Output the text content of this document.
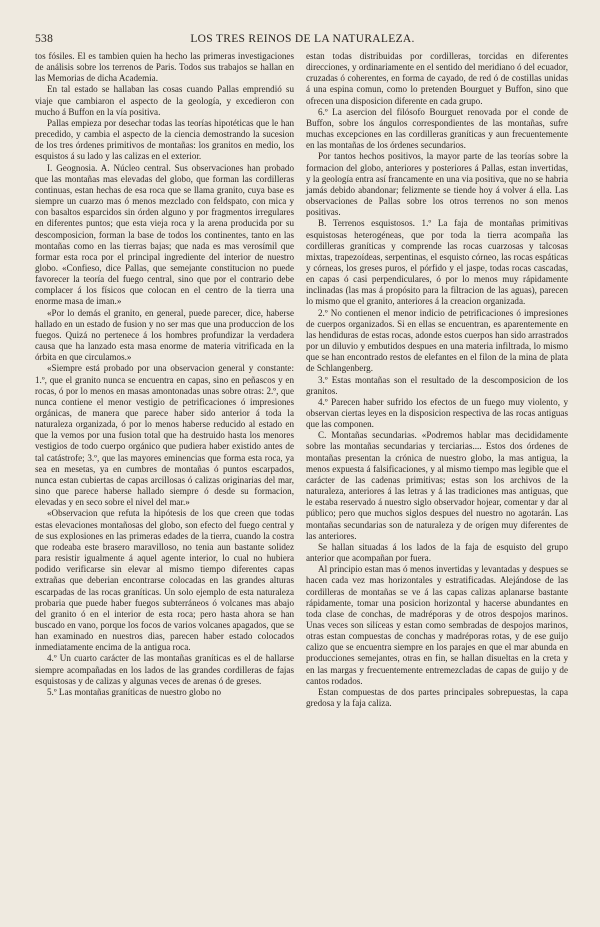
538	LOS TRES REINOS DE LA NATURALEZA.

tos fósiles. El es tambien quien ha hecho las primeras investigaciones de análisis sobre los terrenos de Paris. Todos sus trabajos se hallan en las Memorias de dicha Academia.

En tal estado se hallaban las cosas cuando Pallas emprendió su viaje que cambiaron el aspecto de la geología, y excedieron con mucho á Buffon en la vía positiva.

Pallas empieza por desechar todas las teorías hipotéticas que le han precedido, y cambia el aspecto de la ciencia demostrando la sucesion de los tres órdenes primitivos de montañas: los granitos en medio, los esquistos á su lado y las calizas en el exterior.

I. Geognosia. A. Núcleo central. Sus observaciones han probado que las montañas mas elevadas del globo, que forman las cordilleras continuas, estan hechas de esa roca que se llama granito, cuya base es siempre un cuarzo mas ó menos mezclado con feldspato, con mica y con basaltos esparcidos sin órden alguno y por fragmentos irregulares en diferentes puntos; que esta vieja roca y la arena producida por su descomposicion, forman la base de todos los continentes, tanto en las montañas como en las tierras bajas; que nada es mas verosímil que formar esta roca por el principal ingrediente del interior de nuestro globo. «Confieso, dice Pallas, que semejante constitucion no puede favorecer la teoría del fuego central, sino que por el contrario debe complacer á los físicos que colocan en el centro de la tierra una enorme masa de iman.»

«Por lo demás el granito, en general, puede parecer, dice, haberse hallado en un estado de fusion y no ser mas que una produccion de los fuegos. Quizá no pertenece á los hombres profundizar la verdadera causa que ha lanzado esta masa enorme de materia vitrificada en la órbita en que circulamos.»

«Siempre está probado por una observacion general y constante: 1.º, que el granito nunca se encuentra en capas, sino en peñascos y en rocas, ó por lo menos en masas amontonadas unas sobre otras: 2.º, que nunca contiene el menor vestigio de petrificaciones ó impresiones orgánicas, de manera que parece haber sido anterior á toda la naturaleza organizada, ó por lo menos haberse reducido al estado en que la vemos por una fusion total que ha destruido hasta los menores vestigios de todo cuerpo orgánico que pudiera haber existido antes de tal catástrofe; 3.º, que las mayores eminencias que forma esta roca, ya sea en mesetas, ya en cumbres de montañas ó puntos escarpados, nunca estan cubiertas de capas arcillosas ó calizas originarias del mar, sino que parece haberse hallado siempre ó desde su formacion, elevadas y en seco sobre el nivel del mar.»

«Observacion que refuta la hipótesis de los que creen que todas estas elevaciones montañosas del globo, son efecto del fuego central y de sus explosiones en las primeras edades de la tierra, cuando la costra que rodeaba este brasero maravilloso, no tenia aun bastante solidez para resistir igualmente á aquel agente interior, lo cual no hubiera podido verificarse sin elevar al mismo tiempo diferentes capas extrañas que deberian encontrarse colocadas en las grandes alturas escarpadas de las rocas graníticas. Un solo ejemplo de esta naturaleza probaria que puede haber fuegos subterráneos ó volcanes mas abajo del granito ó en el interior de esta roca; pero hasta ahora se han buscado en vano, porque los focos de varios volcanes apagados, que se han examinado en nuestros dias, parecen haber estado colocados inmediatamente encima de la antigua roca.

4.º Un cuarto carácter de las montañas graníticas es el de hallarse siempre acompañadas en los lados de las grandes cordilleras de fajas esquistosas y de calizas y algunas veces de arenas ó de greses.

5.º Las montañas graníticas de nuestro globo no

estan todas distribuidas por cordilleras, torcidas en diferentes direcciones, y ordinariamente en el sentido del meridiano ó del ecuador, cruzadas ó coherentes, en forma de cayado, de red ó de costillas unidas á una espina comun, como lo pretenden Bourguet y Buffon, sino que ofrecen una disposicion diferente en cada grupo.

6.º La asercion del filósofo Bourguet renovada por el conde de Buffon, sobre los ángulos correspondientes de las montañas, sufre muchas excepciones en las cordilleras graníticas y aun frecuentemente en las montañas de los órdenes secundarios.

Por tantos hechos positivos, la mayor parte de las teorías sobre la formacion del globo, anteriores y posteriores á Pallas, estan invertidas, y la geología entra así francamente en una via positiva, que no se habria jamás debido abandonar; felizmente se tiende hoy á volver á ella. Las observaciones de Pallas sobre los otros terrenos no son menos positivas.

B. Terrenos esquistosos. 1.º La faja de montañas primitivas esquistosas heterogéneas, que por toda la tierra acompaña las cordilleras graníticas y comprende las rocas cuarzosas y talcosas mixtas, trapezoídeas, serpentinas, el esquisto córneo, las rocas espáticas y córneas, los greses puros, el pórfido y el jaspe, todas rocas cascadas, en capas ó casi perpendiculares, ó por lo menos muy rápidamente inclinadas (las mas á propósito para la filtracion de las aguas), parecen lo mismo que el granito, anteriores á la creacion organizada.

2.º No contienen el menor indicio de petrificaciones ó impresiones de cuerpos organizados. Si en ellas se encuentran, es aparentemente en las hendiduras de estas rocas, adonde estos cuerpos han sido arrastrados por un diluvio y embutidos despues en una materia infiltrada, lo mismo que se han encontrado restos de elefantes en el filon de la mina de plata de Schlangenberg.

3.º Estas montañas son el resultado de la descomposicion de los granitos.

4.º Parecen haber sufrido los efectos de un fuego muy violento, y observan ciertas leyes en la disposicion respectiva de las rocas antiguas que las componen.

C. Montañas secundarias. «Podremos hablar mas decididamente sobre las montañas secundarias y terciarias.... Estos dos órdenes de montañas presentan la crónica de nuestro globo, la mas antigua, la menos expuesta á falsificaciones, y al mismo tiempo mas legible que el carácter de las cadenas primitivas; estas son los archivos de la naturaleza, anteriores á las letras y á las tradiciones mas antiguas, que le estaba reservado á nuestro siglo observador hojear, comentar y dar al público; pero que muchos siglos despues del nuestro no agotarán. Las montañas secundarias son de naturaleza y de orígen muy diferentes de las anteriores.

Se hallan situadas á los lados de la faja de esquisto del grupo anterior que acompañan por fuera.

Al principio estan mas ó menos invertidas y levantadas y despues se hacen cada vez mas horizontales y estratificadas. Alejándose de las cordilleras de montañas se ve á las capas calizas aplanarse bastante rápidamente, tomar una posicion horizontal y hacerse abundantes en toda clase de conchas, de madréporas y de otros despojos marinos. Unas veces son silíceas y estan como sembradas de despojos marinos, otras estan compuestas de conchas y madréporas rotas, y de ese guijo calizo que se encuentra siempre en los parajes en que el mar abunda en producciones semejantes, otras en fin, se hallan disueltas en la creta y en las margas y frecuentemente entremezcladas de capas de guijo y de cantos rodados.

Estan compuestas de dos partes principales sobrepuestas, la capa gredosa y la faja caliza.
